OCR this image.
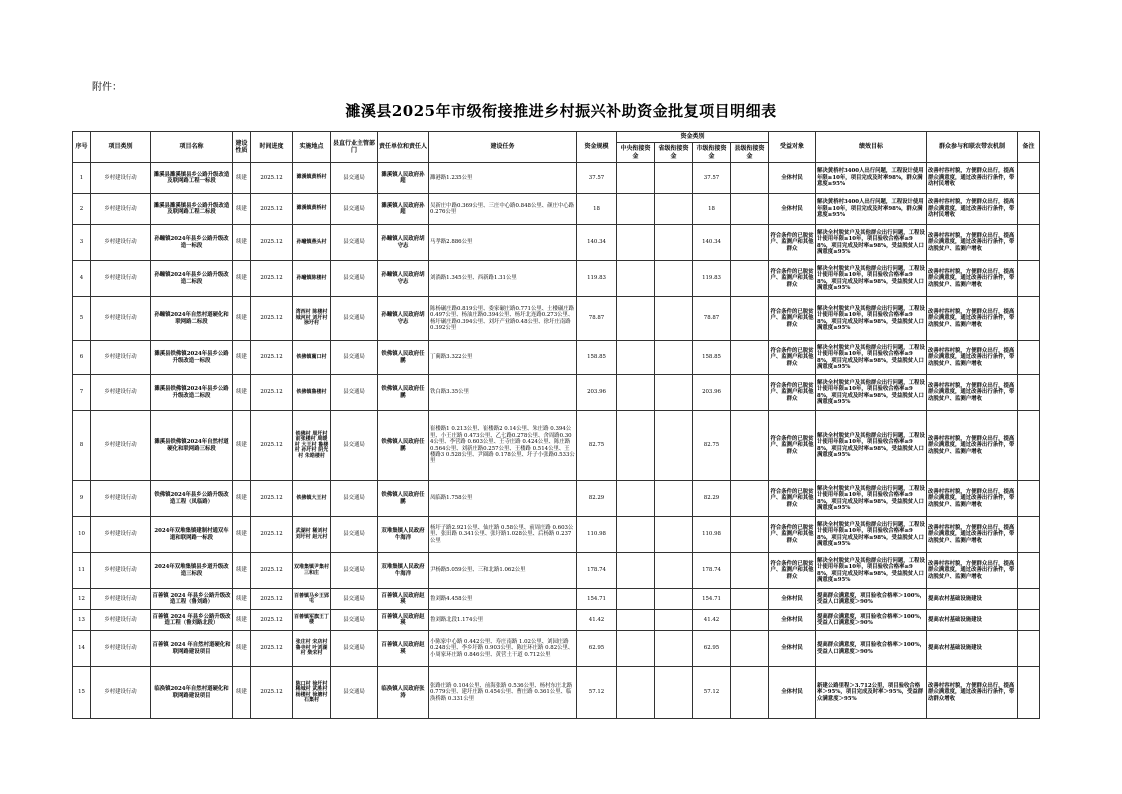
附件：
濉溪县2025年市级衔接推进乡村振兴补助资金批复项目明细表
序号	项目类别	项目名称	建设性质	时间进度	实施地点	县直行业主管部门	责任单位和责任人	建设任务	资金规模	资金类别				受益对象	绩效目标	群众参与和联农带农机制	备注
										中央衔接资金	省级衔接资金	市级衔接资金	县级衔接资金				
1	乡村建设行动	濉溪县濉溪镇县乡公路升级改造及联网路工程一标段	续建	2025.12	濉溪镇黄桥村	县交通局	濉溪镇人民政府孙超	濉港路1.235公里	37.57			37.57		全体村民	解决黄桥村3400人出行问题，工程设计使用年限≥10年，项目完成及时率98%，群众满意度≥95%	改善村容村貌，方便群众出行，提高群众满意度，通过改善出行条件，带动村民增收	
2	乡村建设行动	濉溪县濉溪镇县乡公路升级改造及联网路工程二标段	续建	2025.12	濉溪镇黄桥村	县交通局	濉溪镇人民政府孙超	吴新庄中路0.369公里、三庄中心路0.848公里、颜庄中心路0.276公里	18			18		全体村民	解决黄桥村3400人出行问题，工程设计使用年限≥10年，项目完成及时率98%，群众满意度≥95%	改善村容村貌，方便群众出行，提高群众满意度，通过改善出行条件，带动村民增收	
3	乡村建设行动	孙疃镇2024年县乡公路升级改造一标段	续建	2025.12	孙疃镇燕头村	县交通局	孙疃镇人民政府胡守志	马孝路2.886公里	140.34			140.34		符合条件的已脱贫户、监测户和其他群众	解决全村脱贫户及其他群众出行问题，工程设计使用年限≥10年，项目验收合格率≥98%，项目完成及时率≥98%，受益脱贫人口满意度≥95%	改善村容村貌，方便群众出行，提高群众满意度，通过改善出行条件，带动脱贫户、监测户增收	
4	乡村建设行动	孙疃镇2024年县乡公路升级改造二标段	续建	2025.12	孙疃镇陈楼村	县交通局	孙疃镇人民政府胡守志	刘淌路1.345公里、西新路1.31公里	119.83			119.83		符合条件的已脱贫户、监测户和其他群众	解决全村脱贫户及其他群众出行问题，工程设计使用年限≥10年，项目验收合格率≥98%，项目完成及时率≥98%，受益脱贫人口满意度≥95%	改善村容村貌，方便群众出行，提高群众满意度，通过改善出行条件，带动脱贫户、监测户增收	
5	乡村建设行动	孙疃镇2024年自然村道硬化和联网路二标段	续建	2025.12	湾西村 陈楼村 城河村 刘圩村 徐圩村	县交通局	孙疃镇人民政府胡守志	陈杨碾庄路0.819公里、娄家碾庄路0.771公里、土楼碾庄路0.497公里、杨油庄路0.394公里、杨圩北连路0.273公里、杨圩碾庄路0.394公里、刘圩产业路0.48公里、徐圩庄南路0.392公里	78.87			78.87		符合条件的已脱贫户、监测户和其他群众	解决全村脱贫户及其他群众出行问题，工程设计使用年限≥10年，项目验收合格率≥98%，项目完成及时率≥98%，受益脱贫人口满意度≥95%	改善村容村貌，方便群众出行，提高群众满意度，通过改善出行条件，带动脱贫户、监测户增收	
6	乡村建设行动	濉溪县铁佛镇2024年县乡公路升级改造一标段	续建	2025.12	铁佛镇蔺口村	县交通局	铁佛镇人民政府任鹏	丁蔺路3.322公里	158.85			158.85		符合条件的已脱贫户、监测户和其他群众	解决全村脱贫户及其他群众出行问题，工程设计使用年限≥10年，项目验收合格率≥98%，项目完成及时率≥98%，受益脱贫人口满意度≥95%	改善村容村貌，方便群众出行，提高群众满意度，通过改善出行条件，带动脱贫户、监测户增收	
7	乡村建设行动	濉溪县铁佛镇2024年县乡公路升级改造二标段	续建	2025.12	铁佛镇鲁楼村	县交通局	铁佛镇人民政府任鹏	铁白路3.35公里	203.96			203.96		符合条件的已脱贫户、监测户和其他群众	解决全村脱贫户及其他群众出行问题，工程设计使用年限≥10年，项目验收合格率≥98%，项目完成及时率≥98%，受益脱贫人口满意度≥95%	改善村容村貌，方便群众出行，提高群众满意度，通过改善出行条件，带动脱贫户、监测户增收	
8	乡村建设行动	濉溪县铁佛镇2024年自然村道硬化和联网路三标段	续建	2025.12	铁佛村 周圩村 前张楼村 周暖村 大王村 鲁楼村 孙圩村 阴光村 朱皓楼村	县交通局	铁佛镇人民政府任鹏	崔楼路1 0.213公里、崔楼路2 0.14公里、朱庄路 0.394公里、小王庄路 0.473公里、乙七路0.278公里、舍周路0.304公里、李营路 0.603公里、王寺庄路 0.424公里、陈庄路0.564公里、刘新庄路0.257公里、王楼路 0.514公里、王楼路3 0.528公里、尹圈路 0.178公里、圩子小张路0.533公里	82.75			82.75		符合条件的已脱贫户、监测户和其他群众	解决全村脱贫户及其他群众出行问题，工程设计使用年限≥10年，项目验收合格率≥98%，项目完成及时率≥98%，受益脱贫人口满意度≥95%	改善村容村貌，方便群众出行，提高群众满意度，通过改善出行条件，带动脱贫户、监测户增收	
9	乡村建设行动	铁佛镇2024年县乡公路升级改造工程（凤临路）	续建	2025.12	铁佛镇大王村	县交通局	铁佛镇人民政府任鹏	凤临路1.758公里	82.29			82.29		符合条件的已脱贫户、监测户和其他群众	解决全村脱贫户及其他群众出行问题，工程设计使用年限≥10年，项目验收合格率≥98%，项目完成及时率≥98%，受益脱贫人口满意度≥95%	改善村容村貌，方便群众出行，提高群众满意度，通过改善出行条件，带动脱贫户、监测户增收	
10	乡村建设行动	2024年双堆集镇建制村通双车道和联网路一标段	续建	2025.12	武湖村 稀刘村 刘圩村 赵元村	县交通局	双堆集镇人民政府牛海洋	杨圩子路2.921公里、仙庄路 0.58公里、前周庄路 0.603公里、张田路 0.341公里、张圩路1.028公里、后杨路 0.237公里	110.98			110.98		符合条件的已脱贫户、监测户和其他群众	解决全村脱贫户及其他群众出行问题，工程设计使用年限≥10年，项目验收合格率≥98%，项目完成及时率≥98%，受益脱贫人口满意度≥95%	改善村容村貌，方便群众出行，提高群众满意度，通过改善出行条件，带动脱贫户、监测户增收	
11	乡村建设行动	2024年双堆集镇县乡道升级改造三标段	续建	2025.12	双堆集镇尹集村 三和庄	县交通局	双堆集镇人民政府牛海洋	尹杨路5.059公里、三和北路1.062公里	178.74			178.74		符合条件的已脱贫户、监测户和其他群众	解决全村脱贫户及其他群众出行问题，工程设计使用年限≥10年，项目验收合格率≥98%，项目完成及时率≥98%，受益脱贫人口满意度≥95%	改善村容村貌，方便群众出行，提高群众满意度，通过改善出行条件，带动脱贫户、监测户增收	
12	乡村建设行动	百善镇 2024 年县乡公路升级改造工程（鲁刘路）	续建	2025.12	百善镇马乡王郢屯	县交通局	百善镇人民政府赵瑛	鲁刘路4.458公里	154.71			154.71		全体村民	提高群众满意度，项目验收合格率＞100%，受益人口满意度＞90%	提高农村基础设施建设	
13	乡村建设行动	百善镇 2024 年县乡公路升级改造工程（鲁刘路北段）	续建	2025.12	百善镇军旗王丁楼	县交通局	百善镇人民政府赵瑛	鲁刘路北段1.174公里	41.42			41.42		全体村民	提高群众满意度，项目验收合格率＞100%，受益人口满意度＞90%	提高农村基础设施建设	
14	乡村建设行动	百善镇 2024 年自然村道硬化和联网路建设项目	续建	2025.12	张庄村 宋店村 鲁寺村 叶刘湖村 柴宋村	县交通局	百善镇人民政府赵瑛	小陈家中心路 0.442公里、寿庄南路 1.02公里、刘园庄路 0.248公里、李乡圩路 0.903公里、陈庄环庄路 0.82公里、小周家环庄路 0.846公里、黄营土干道 0.712公里	62.95			62.95		全体村民	提高群众满意度，项目验收合格率＞100%，受益人口满意度＞90%	提高农村基础设施建设	
15	乡村建设行动	临涣镇2024年自然村道硬化和联网路建设项目	续建	2025.12	陈口村 徐圩村 稀城村 武胜村 杨楼村 徐塘村 石集村	县交通局	临涣镇人民政府张涛	张路庄路 0.104公里、前海张路 0.536公里、杨村东庄北路 0.779公里、建圩庄路 0.454公里、曹庄路 0.361公里、临涣桥路 0.331公里	57.12			57.12		全体村民	新建公路里程＞3.712公里，项目验收合格率＞95%，项目完成及时率＞95%，受益群众满意度＞95%	改善村容村貌，方便群众出行，提高群众满意度，通过改善出行条件，带动群众增收	
